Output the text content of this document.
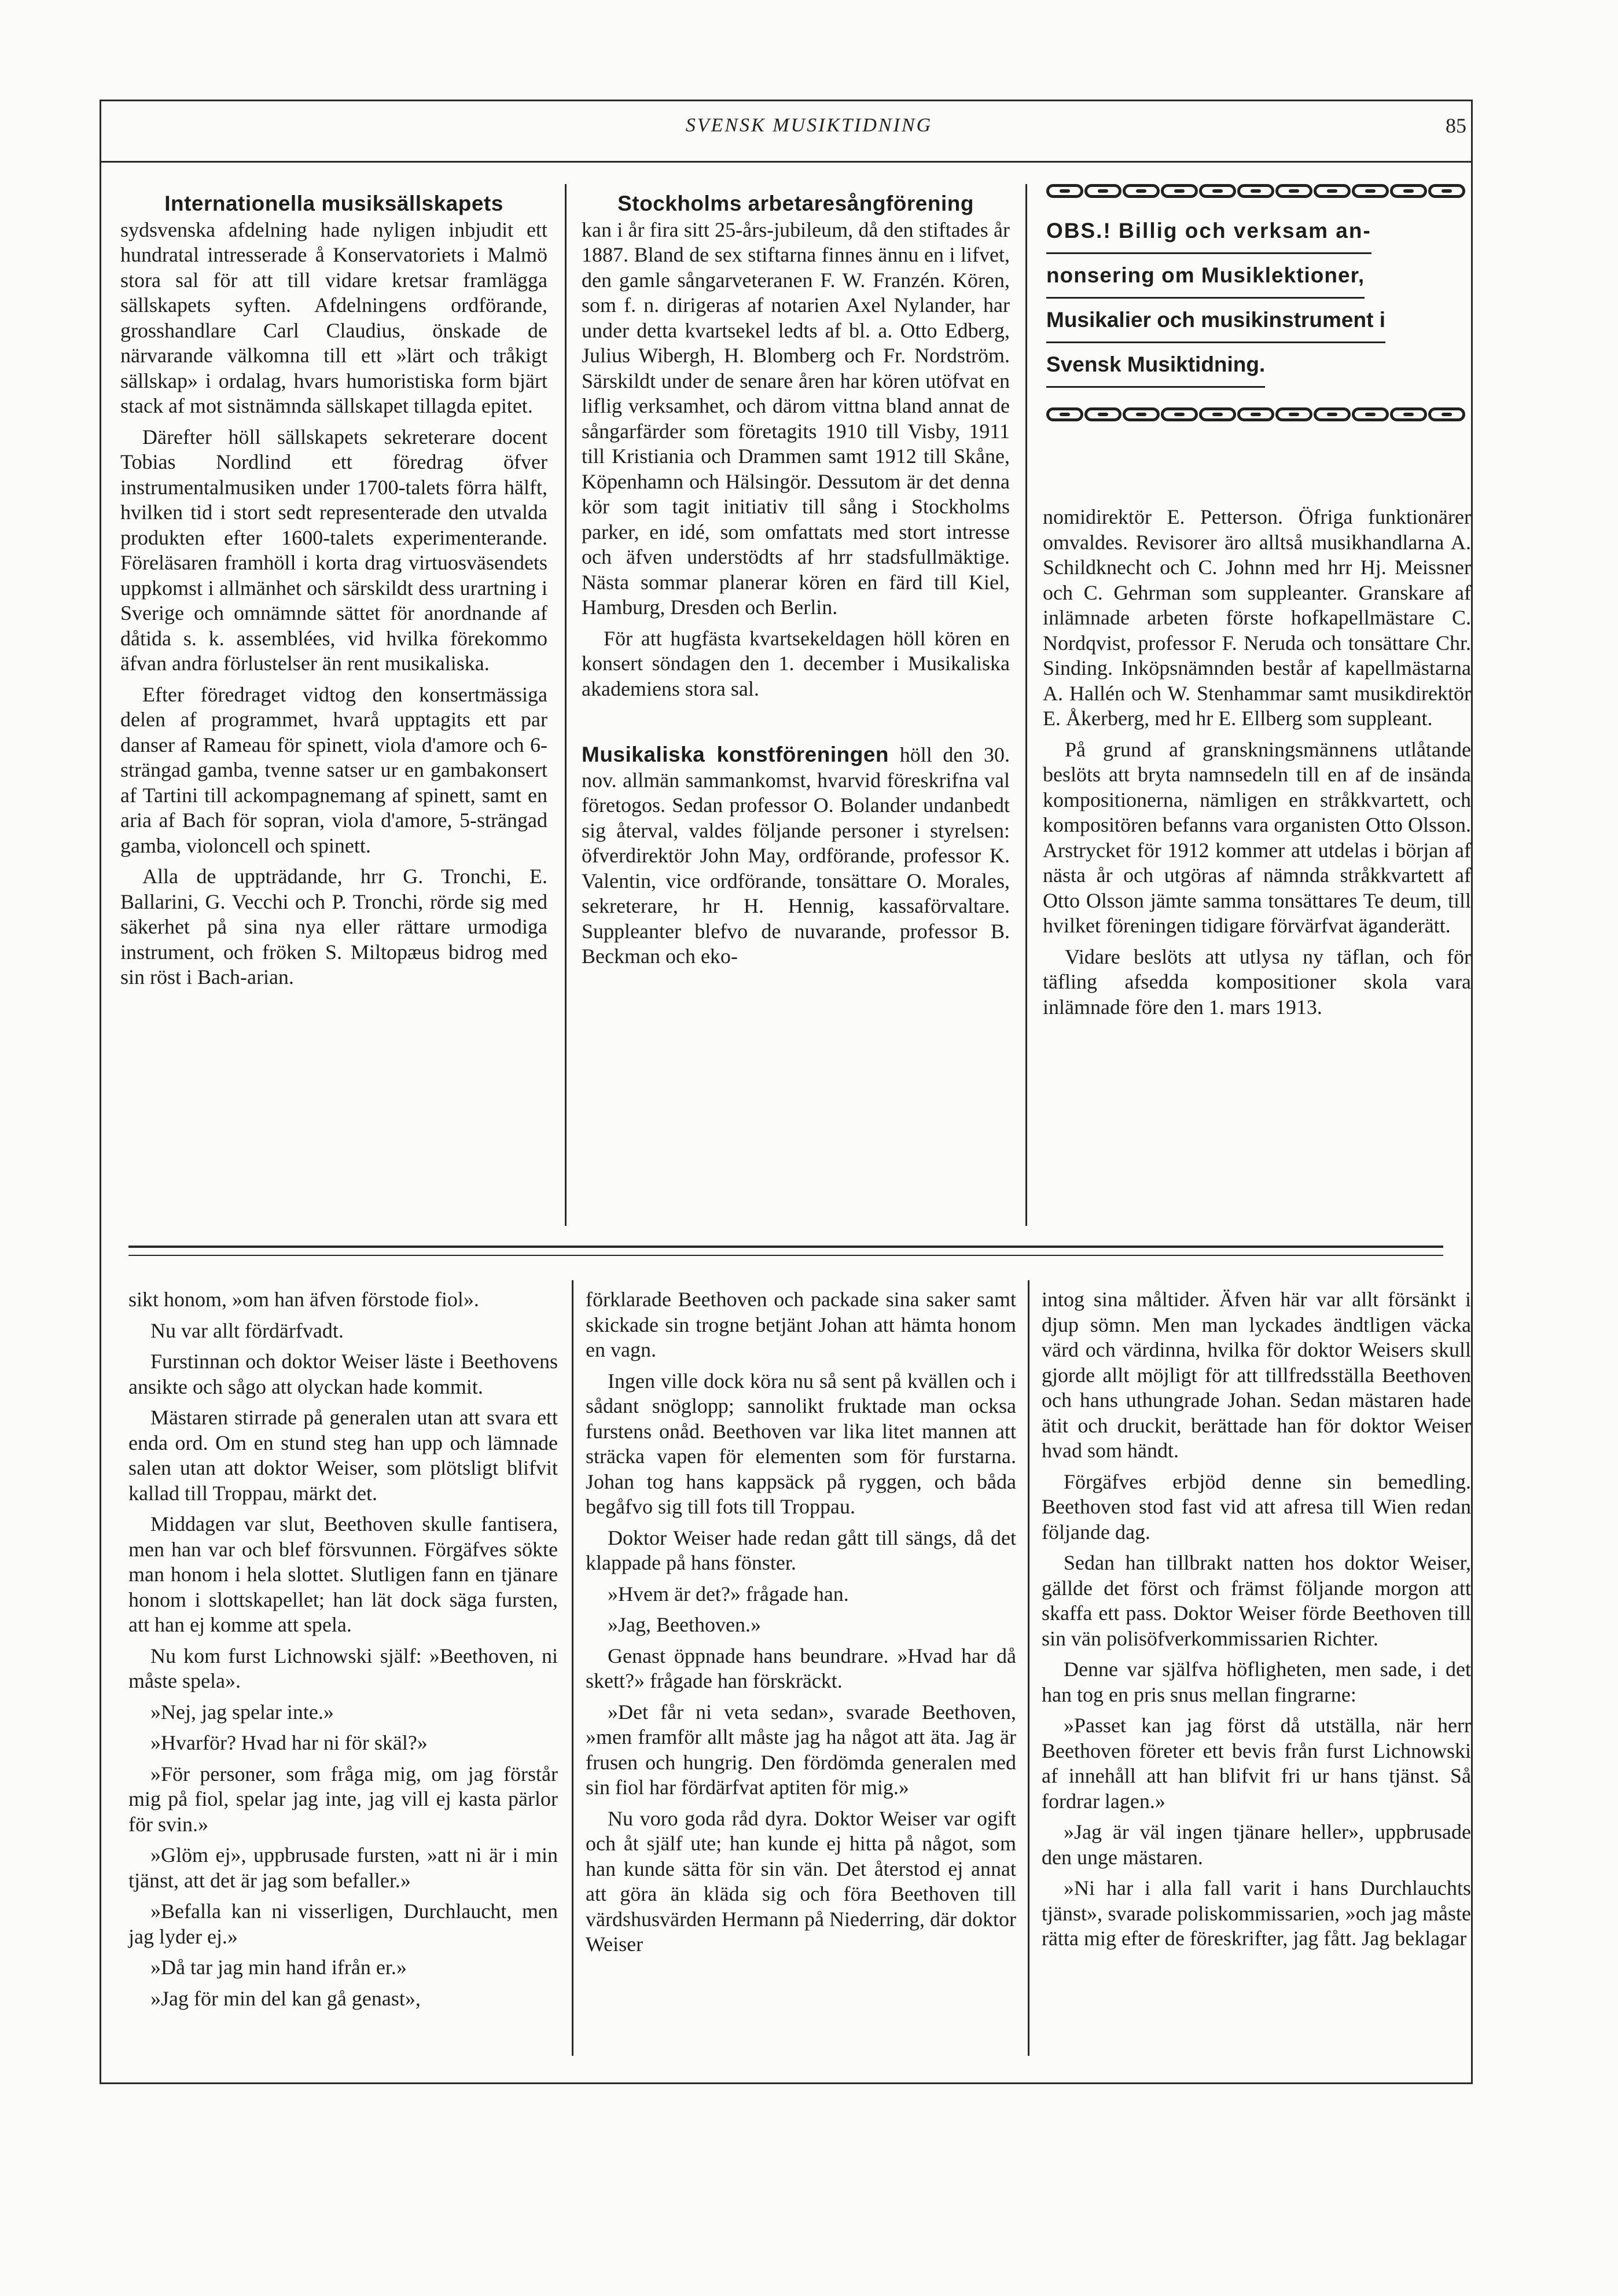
SVENSK MUSIKTIDNING	85
Internationella musiksällskapets

sydsvenska afdelning hade nyligen inbjudit ett hundratal intresserade å Konservatoriets i Malmö stora sal för att till vidare kretsar framlägga sällskapets syften. Afdelningens ordförande, grosshandlare Carl Claudius, önskade de närvarande välkomna till ett »lärt och tråkigt sällskap» i ordalag, hvars humoristiska form bjärt stack af mot sistnämnda sällskapet tillagda epitet.

Därefter höll sällskapets sekreterare docent Tobias Nordlind ett föredrag öfver instrumentalmusiken under 1700-talets förra hälft, hvilken tid i stort sedt representerade den utvalda produkten efter 1600-talets experimenterande. Föreläsaren framhöll i korta drag virtuosväsendets uppkomst i allmänhet och särskildt dess urartning i Sverige och omnämnde sättet för anordnande af dåtida s. k. assemblées, vid hvilka förekommo äfvan andra förlustelser än rent musikaliska.

Efter föredraget vidtog den konsertmässiga delen af programmet, hvarå upptagits ett par danser af Rameau för spinett, viola d'amore och 6-strängad gamba, tvenne satser ur en gambakonsert af Tartini till ackompagnemang af spinett, samt en aria af Bach för sopran, viola d'amore, 5-strängad gamba, violoncell och spinett.

Alla de uppträdande, hrr G. Tronchi, E. Ballarini, G. Vecchi och P. Tronchi, rörde sig med säkerhet på sina nya eller rättare urmodiga instrument, och fröken S. Miltopæus bidrog med sin röst i Bach-arian.

Stockholms arbetaresångförening

kan i år fira sitt 25-års-jubileum, då den stiftades år 1887. Bland de sex stiftarna finnes ännu en i lifvet, den gamle sångarveteranen F. W. Franzén. Kören, som f. n. dirigeras af notarien Axel Nylander, har under detta kvartsekel ledts af bl. a. Otto Edberg, Julius Wibergh, H. Blomberg och Fr. Nordström. Särskildt under de senare åren har kören utöfvat en liflig verksamhet, och därom vittna bland annat de sångarfärder som företagits 1910 till Visby, 1911 till Kristiania och Drammen samt 1912 till Skåne, Köpenhamn och Hälsingör. Dessutom är det denna kör som tagit initiativ till sång i Stockholms parker, en idé, som omfattats med stort intresse och äfven understödts af hrr stadsfullmäktige. Nästa sommar planerar kören en färd till Kiel, Hamburg, Dresden och Berlin.

För att hugfästa kvartsekeldagen höll kören en konsert söndagen den 1. december i Musikaliska akademiens stora sal.

Musikaliska konstföreningen höll den 30. nov. allmän sammankomst, hvarvid föreskrifna val företogos. Sedan professor O. Bolander undanbedt sig återval, valdes följande personer i styrelsen: öfverdirektör John May, ordförande, professor K. Valentin, vice ordförande, tonsättare O. Morales, sekreterare, hr H. Hennig, kassaförvaltare. Suppleanter blefvo de nuvarande, professor B. Beckman och eko-

OBS.! Billig och verksam an-
nonsering om Musiklektioner,
Musikalier och musikinstrument i
Svensk Musiktidning.

nomidirektör E. Petterson. Öfriga funktionärer omvaldes. Revisorer äro alltså musikhandlarna A. Schildknecht och C. Johnn med hrr Hj. Meissner och C. Gehrman som suppleanter. Granskare af inlämnade arbeten förste hofkapellmästare C. Nordqvist, professor F. Neruda och tonsättare Chr. Sinding. Inköpsnämnden består af kapellmästarna A. Hallén och W. Stenhammar samt musikdirektör E. Åkerberg, med hr E. Ellberg som suppleant.

På grund af granskningsmännens utlåtande beslöts att bryta namnsedeln till en af de insända kompositionerna, nämligen en stråkkvartett, och kompositören befanns vara organisten Otto Olsson. Arstrycket för 1912 kommer att utdelas i början af nästa år och utgöras af nämnda stråkkvartett af Otto Olsson jämte samma tonsättares Te deum, till hvilket föreningen tidigare förvärfvat äganderätt.

Vidare beslöts att utlysa ny täflan, och för täfling afsedda kompositioner skola vara inlämnade före den 1. mars 1913.

sikt honom, »om han äfven förstode fiol».

Nu var allt fördärfvadt.

Furstinnan och doktor Weiser läste i Beethovens ansikte och sågo att olyckan hade kommit.

Mästaren stirrade på generalen utan att svara ett enda ord. Om en stund steg han upp och lämnade salen utan att doktor Weiser, som plötsligt blifvit kallad till Troppau, märkt det.

Middagen var slut, Beethoven skulle fantisera, men han var och blef försvunnen. Förgäfves sökte man honom i hela slottet. Slutligen fann en tjänare honom i slottskapellet; han lät dock säga fursten, att han ej komme att spela.

Nu kom furst Lichnowski själf: »Beethoven, ni måste spela».

»Nej, jag spelar inte.»

»Hvarför? Hvad har ni för skäl?»

»För personer, som fråga mig, om jag förstår mig på fiol, spelar jag inte, jag vill ej kasta pärlor för svin.»

»Glöm ej», uppbrusade fursten, »att ni är i min tjänst, att det är jag som befaller.»

»Befalla kan ni visserligen, Durchlaucht, men jag lyder ej.»

»Då tar jag min hand ifrån er.»

»Jag för min del kan gå genast»,

förklarade Beethoven och packade sina saker samt skickade sin trogne betjänt Johan att hämta honom en vagn.

Ingen ville dock köra nu så sent på kvällen och i sådant snöglopp; sannolikt fruktade man ocksa furstens onåd. Beethoven var lika litet mannen att sträcka vapen för elementen som för furstarna. Johan tog hans kappsäck på ryggen, och båda begåfvo sig till fots till Troppau.

Doktor Weiser hade redan gått till sängs, då det klappade på hans fönster.

»Hvem är det?» frågade han.

»Jag, Beethoven.»

Genast öppnade hans beundrare. »Hvad har då skett?» frågade han förskräckt.

»Det får ni veta sedan», svarade Beethoven, »men framför allt måste jag ha något att äta. Jag är frusen och hungrig. Den fördömda generalen med sin fiol har fördärfvat aptiten för mig.»

Nu voro goda råd dyra. Doktor Weiser var ogift och åt själf ute; han kunde ej hitta på något, som han kunde sätta för sin vän. Det återstod ej annat att göra än kläda sig och föra Beethoven till värdshusvärden Hermann på Niederring, där doktor Weiser

intog sina måltider. Äfven här var allt försänkt i djup sömn. Men man lyckades ändtligen väcka värd och värdinna, hvilka för doktor Weisers skull gjorde allt möjligt för att tillfredsställa Beethoven och hans uthungrade Johan. Sedan mästaren hade ätit och druckit, berättade han för doktor Weiser hvad som händt.

Förgäfves erbjöd denne sin bemedling. Beethoven stod fast vid att afresa till Wien redan följande dag.

Sedan han tillbrakt natten hos doktor Weiser, gällde det först och främst följande morgon att skaffa ett pass. Doktor Weiser förde Beethoven till sin vän polisöfverkommissarien Richter.

Denne var själfva höfligheten, men sade, i det han tog en pris snus mellan fingrarne:

»Passet kan jag först då utställa, när herr Beethoven företer ett bevis från furst Lichnowski af innehåll att han blifvit fri ur hans tjänst. Så fordrar lagen.»

»Jag är väl ingen tjänare heller», uppbrusade den unge mästaren.

»Ni har i alla fall varit i hans Durchlauchts tjänst», svarade poliskommissarien, »och jag måste rätta mig efter de föreskrifter, jag fått. Jag beklagar
